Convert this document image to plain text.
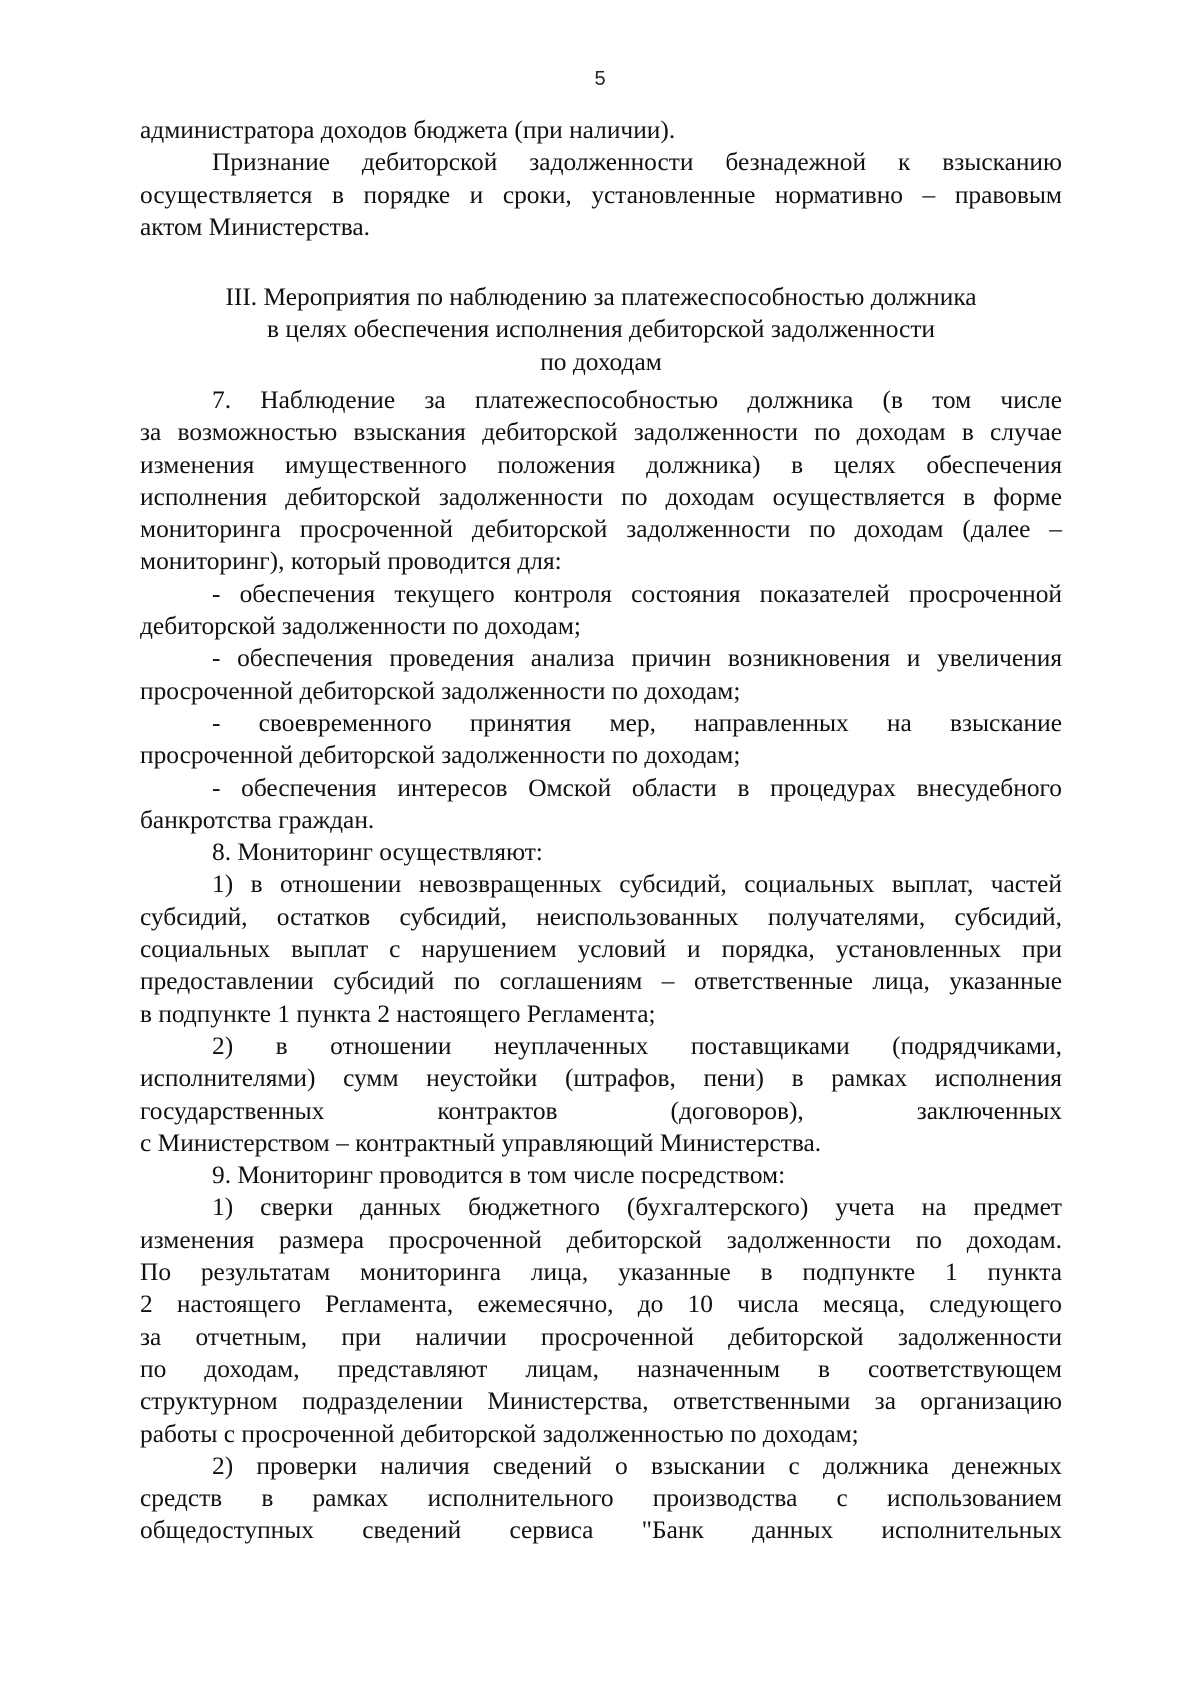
5
администратора доходов бюджета (при наличии).
Признание дебиторской задолженности безнадежной к взысканию
осуществляется в порядке и сроки, установленные нормативно – правовым
актом Министерства.
III. Мероприятия по наблюдению за платежеспособностью должника
в целях обеспечения исполнения дебиторской задолженности
по доходам
7. Наблюдение за платежеспособностью должника (в том числе
за возможностью взыскания дебиторской задолженности по доходам в случае
изменения имущественного положения должника) в целях обеспечения
исполнения дебиторской задолженности по доходам осуществляется в форме
мониторинга просроченной дебиторской задолженности по доходам (далее –
мониторинг), который проводится для:
- обеспечения текущего контроля состояния показателей просроченной
дебиторской задолженности по доходам;
- обеспечения проведения анализа причин возникновения и увеличения
просроченной дебиторской задолженности по доходам;
- своевременного принятия мер, направленных на взыскание
просроченной дебиторской задолженности по доходам;
- обеспечения интересов Омской области в процедурах внесудебного
банкротства граждан.
8. Мониторинг осуществляют:
1) в отношении невозвращенных субсидий, социальных выплат, частей
субсидий, остатков субсидий, неиспользованных получателями, субсидий,
социальных выплат с нарушением условий и порядка, установленных при
предоставлении субсидий по соглашениям – ответственные лица, указанные
в подпункте 1 пункта 2 настоящего Регламента;
2) в отношении неуплаченных поставщиками (подрядчиками,
исполнителями) сумм неустойки (штрафов, пени) в рамках исполнения
государственных контрактов (договоров), заключенных
с Министерством – контрактный управляющий Министерства.
9. Мониторинг проводится в том числе посредством:
1) сверки данных бюджетного (бухгалтерского) учета на предмет
изменения размера просроченной дебиторской задолженности по доходам.
По результатам мониторинга лица, указанные в подпункте 1 пункта
2 настоящего Регламента, ежемесячно, до 10 числа месяца, следующего
за отчетным, при наличии просроченной дебиторской задолженности
по доходам, представляют лицам, назначенным в соответствующем
структурном подразделении Министерства, ответственными за организацию
работы с просроченной дебиторской задолженностью по доходам;
2) проверки наличия сведений о взыскании с должника денежных
средств в рамках исполнительного производства с использованием
общедоступных сведений сервиса "Банк данных исполнительных
